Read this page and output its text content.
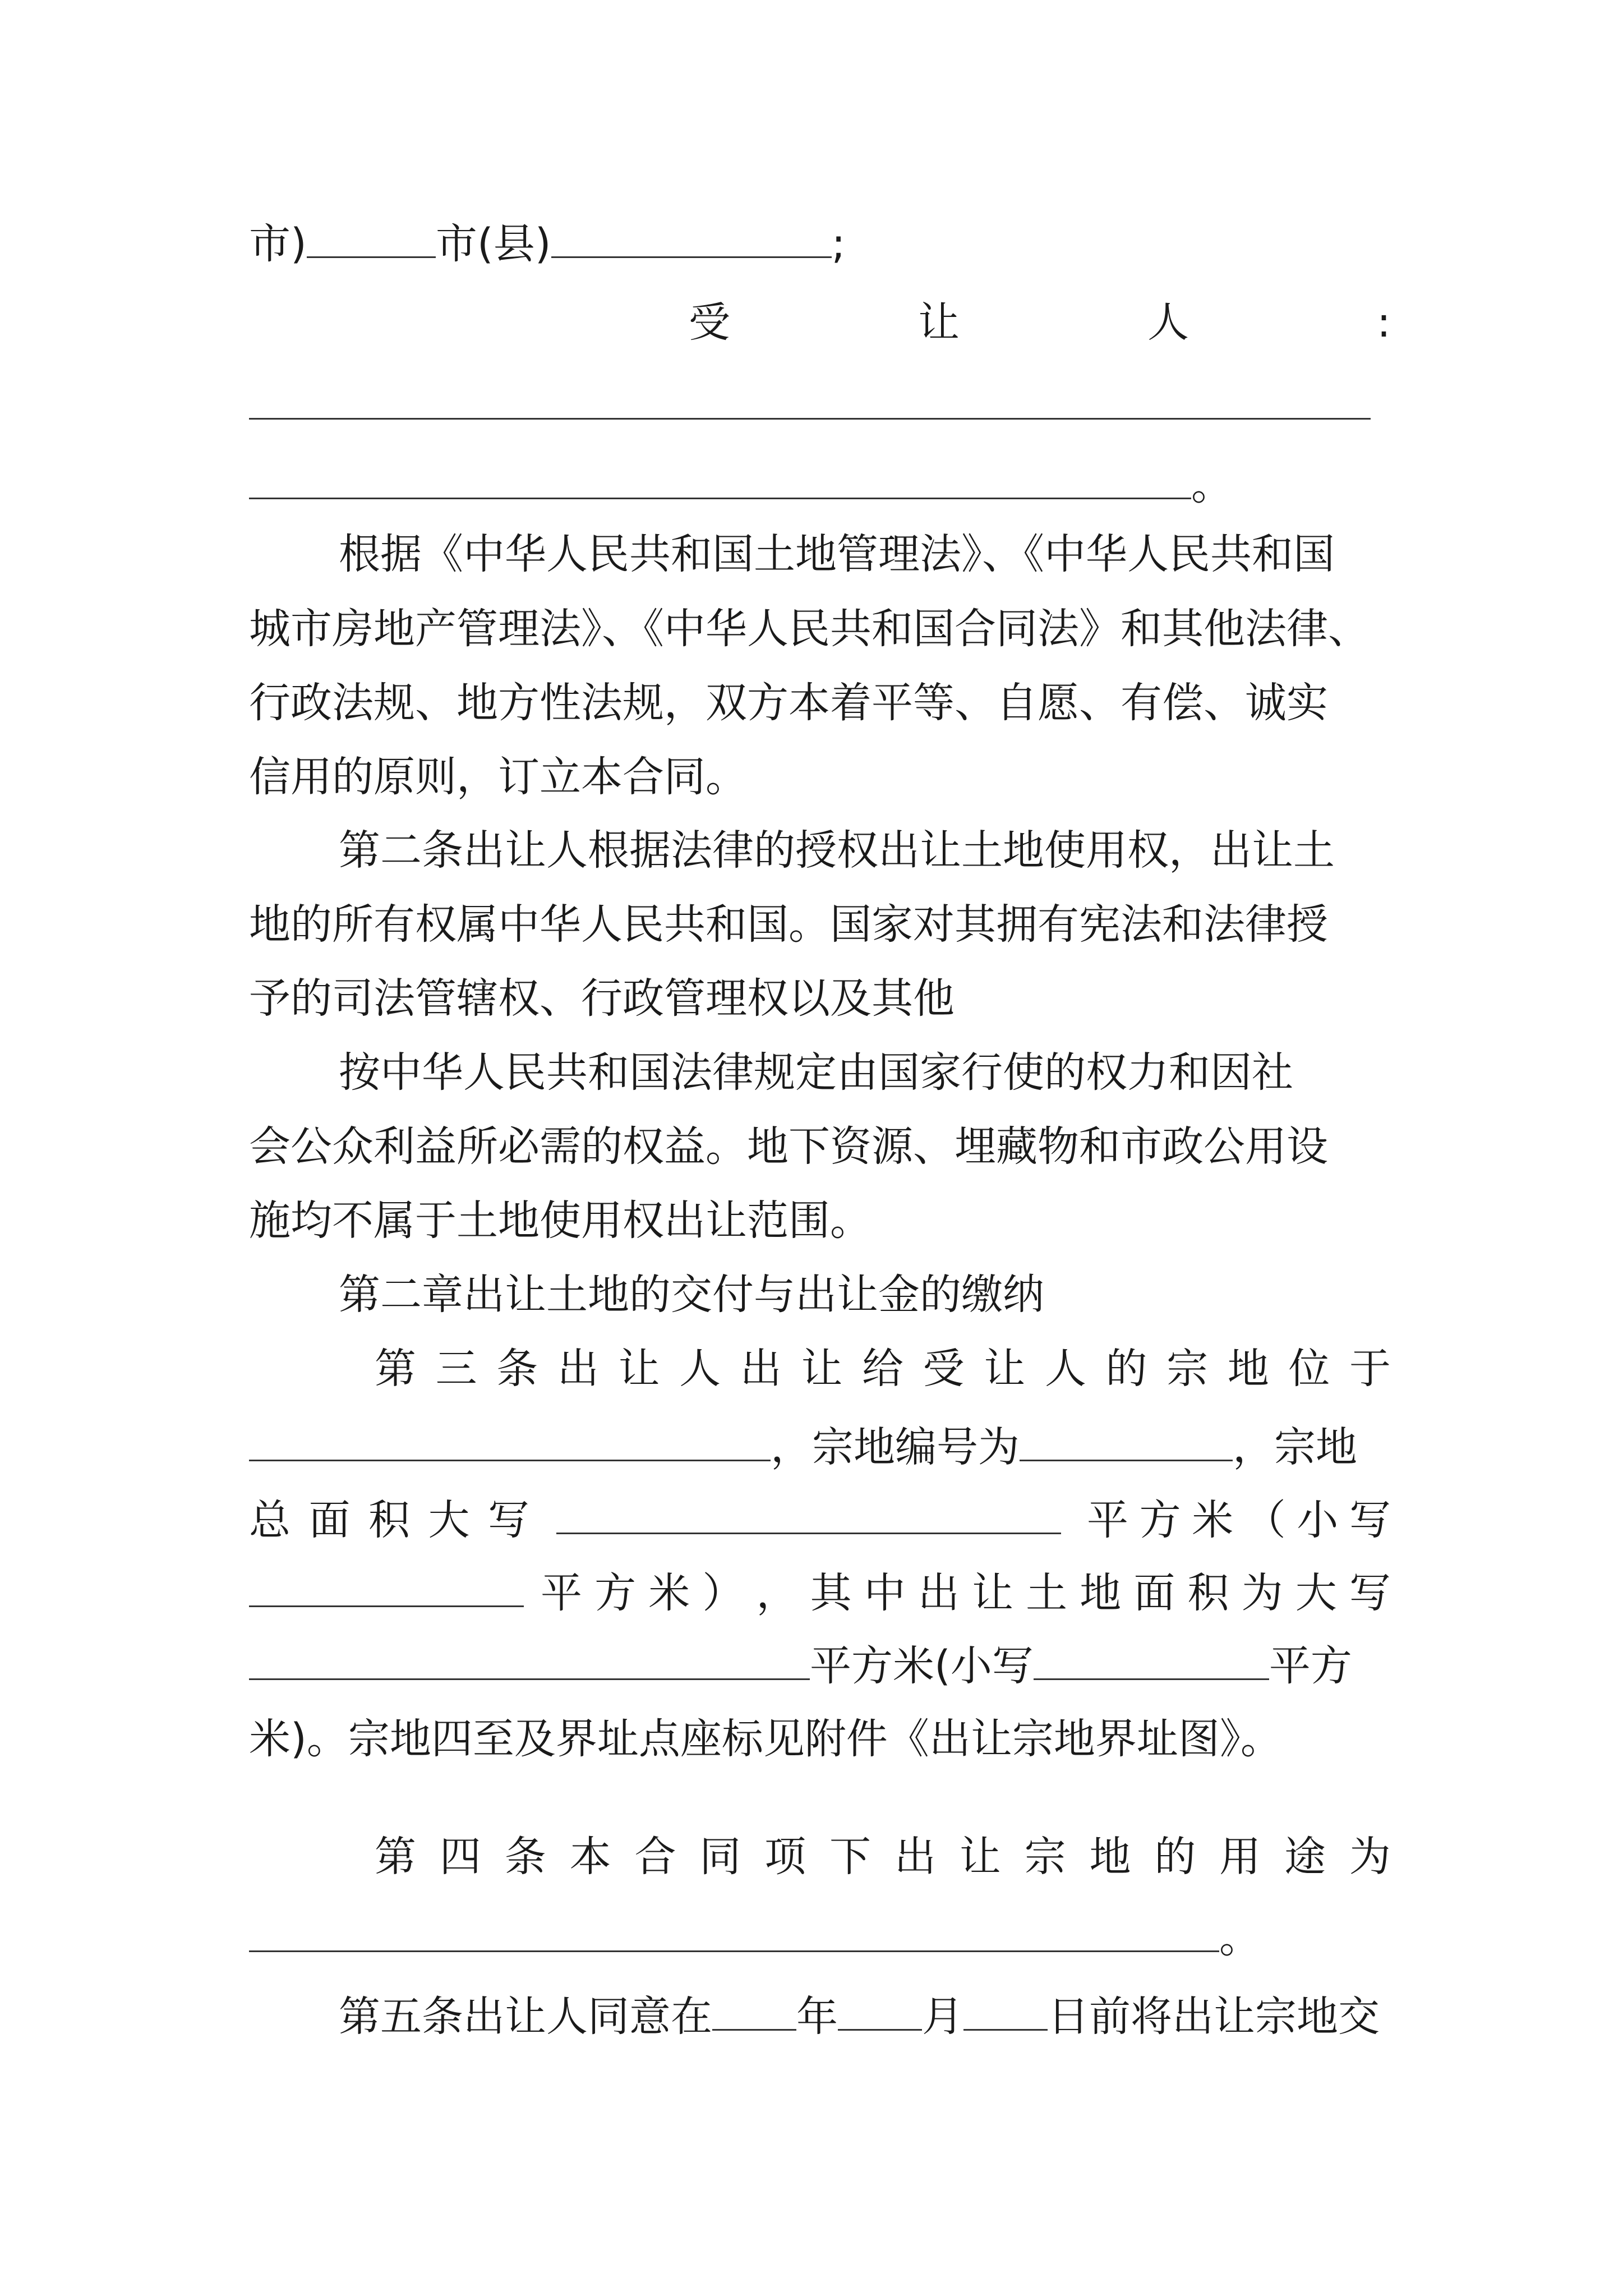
市)	市(县)	;
受	让	人	:
。
根据《中华人民共和国土地管理法》、《中华人民共和国
城市房地产管理法》、《中华人民共和国合同法》和其他法律、
行政法规、地方性法规，双方本着平等、自愿、有偿、诚实
信用的原则，订立本合同。
第二条出让人根据法律的授权出让土地使用权，出让土
地的所有权属中华人民共和国。国家对其拥有宪法和法律授
予的司法管辖权、行政管理权以及其他
按中华人民共和国法律规定由国家行使的权力和因社
会公众利益所必需的权益。地下资源、埋藏物和市政公用设
施均不属于土地使用权出让范围。
第二章出让土地的交付与出让金的缴纳
第 三 条 出 让 人 出 让 给 受 让 人 的 宗 地 位 于
，宗地编号为	，宗地
总 面 积 大 写	平 方 米 （ 小 写
平 方 米 ） ， 其 中 出 让 土 地 面 积 为 大 写
平方米(小写	平方
米)。宗地四至及界址点座标见附件《出让宗地界址图》。
第 四 条 本 合 同 项 下 出 让 宗 地 的 用 途 为
。
第五条出让人同意在 年 月 日前将出让宗地交
